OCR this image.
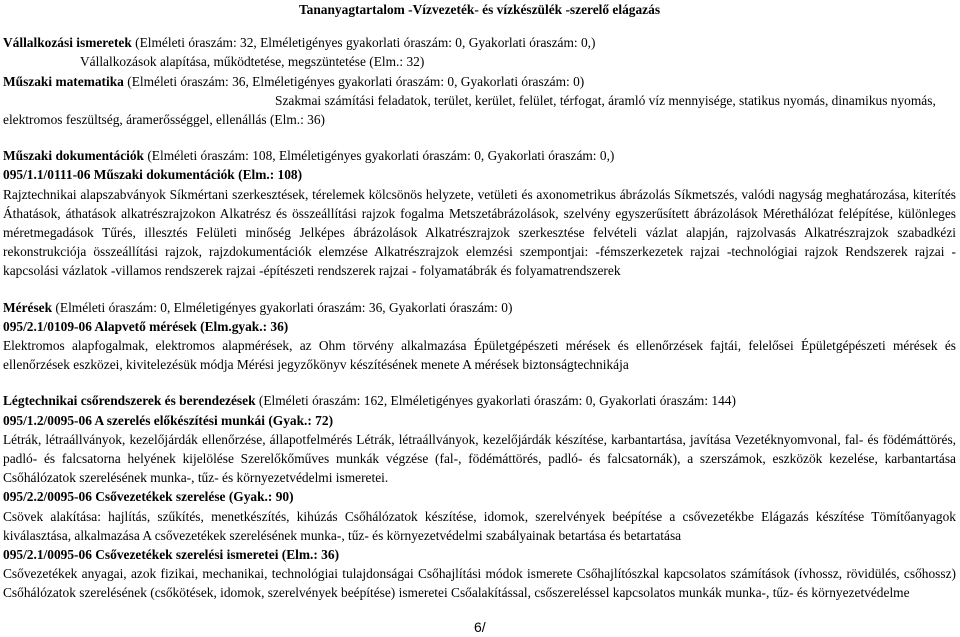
Tananyagtartalom -Vízvezeték- és vízkészülék -szerelő elágazás

Vállalkozási ismeretek (Elméleti óraszám: 32, Elméletigényes gyakorlati óraszám: 0, Gyakorlati óraszám: 0,)

Vállalkozások alapítása, működtetése, megszüntetése (Elm.: 32)

Műszaki matematika (Elméleti óraszám: 36, Elméletigényes gyakorlati óraszám: 0, Gyakorlati óraszám: 0)

Szakmai számítási feladatok, terület, kerület, felület, térfogat, áramló víz mennyisége, statikus nyomás, dinamikus nyomás,

elektromos feszültség, áramerősséggel, ellenállás (Elm.: 36)

Műszaki dokumentációk (Elméleti óraszám: 108, Elméletigényes gyakorlati óraszám: 0, Gyakorlati óraszám: 0,)

095/1.1/0111-06 Műszaki dokumentációk (Elm.: 108)

Rajztechnikai alapszabványok Síkmértani szerkesztések, térelemek kölcsönös helyzete, vetületi és axonometrikus ábrázolás Síkmetszés, valódi nagyság meghatározása, kiterítés Áthatások, áthatások alkatrészrajzokon Alkatrész és összeállítási rajzok fogalma Metszetábrázolások, szelvény egyszerűsített ábrázolások Mérethálózat felépítése, különleges méretmegadások Tűrés, illesztés Felületi minőség Jelképes ábrázolások Alkatrészrajzok szerkesztése felvételi vázlat alapján, rajzolvasás Alkatrészrajzok szabadkézi rekonstrukciója összeállítási rajzok, rajzdokumentációk elemzése Alkatrészrajzok elemzési szempontjai: -fémszerkezetek rajzai -technológiai rajzok Rendszerek rajzai -kapcsolási vázlatok -villamos rendszerek rajzai -építészeti rendszerek rajzai - folyamatábrák és folyamatrendszerek

Mérések (Elméleti óraszám: 0, Elméletigényes gyakorlati óraszám: 36, Gyakorlati óraszám: 0)

095/2.1/0109-06 Alapvető mérések (Elm.gyak.: 36)

Elektromos alapfogalmak, elektromos alapmérések, az Ohm törvény alkalmazása Épületgépészeti mérések és ellenőrzések fajtái, felelősei Épületgépészeti mérések és ellenőrzések eszközei, kivitelezésük módja Mérési jegyzőkönyv készítésének menete A mérések biztonságtechnikája

Légtechnikai csőrendszerek és berendezések (Elméleti óraszám: 162, Elméletigényes gyakorlati óraszám: 0, Gyakorlati óraszám: 144)

095/1.2/0095-06 A szerelés előkészítési munkái (Gyak.: 72)

Létrák, létraállványok, kezelőjárdák ellenőrzése, állapotfelmérés Létrák, létraállványok, kezelőjárdák készítése, karbantartása, javítása Vezetéknyomvonal, fal- és födémáttörés, padló- és falcsatorna helyének kijelölése Szerelőkőműves munkák végzése (fal-, födémáttörés, padló- és falcsatornák), a szerszámok, eszközök kezelése, karbantartása Csőhálózatok szerelésének munka-, tűz- és környezetvédelmi ismeretei.

095/2.2/0095-06 Csővezetékek szerelése (Gyak.: 90)

Csövek alakítása: hajlítás, szűkítés, menetkészítés, kihúzás Csőhálózatok készítése, idomok, szerelvények beépítése a csővezetékbe Elágazás készítése Tömítőanyagok kiválasztása, alkalmazása A csővezetékek szerelésének munka-, tűz- és környezetvédelmi szabályainak betartása és betartatása

095/2.1/0095-06 Csővezetékek szerelési ismeretei (Elm.: 36)

Csővezetékek anyagai, azok fizikai, mechanikai, technológiai tulajdonságai Csőhajlítási módok ismerete Csőhajlítószkal kapcsolatos számítások (ívhossz, rövidülés, csőhossz) Csőhálózatok szerelésének (csőkötések, idomok, szerelvények beépítése) ismeretei Csőalakítással, csőszereléssel kapcsolatos munkák munka-, tűz- és környezetvédelme

6/
